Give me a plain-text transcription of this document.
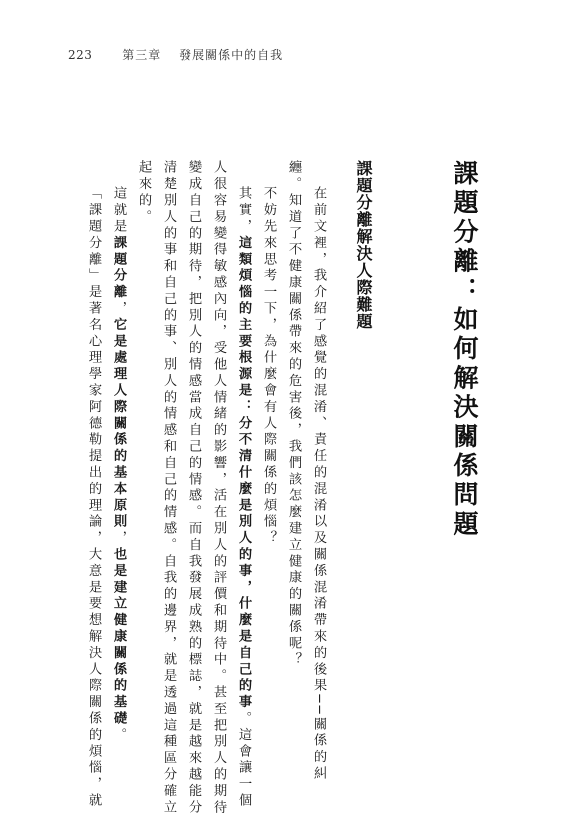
223 第三章 發展關係中的自我
課題分離：如何解決關係問題
課題分離解決人際難題
在前文裡，我介紹了感覺的混淆、責任的混淆以及關係混淆帶來的後果──關係的糾
纏。知道了不健康關係帶來的危害後，我們該怎麼建立健康的關係呢？
不妨先來思考一下，為什麼會有人際關係的煩惱？
其實，這類煩惱的主要根源是：分不清什麼是別人的事，什麼是自己的事。這會讓一個
人很容易變得敏感內向，受他人情緒的影響，活在別人的評價和期待中。甚至把別人的期待
變成自己的期待，把別人的情感當成自己的情感。而自我發展成熟的標誌，就是越來越能分
清楚別人的事和自己的事、別人的情感和自己的情感。自我的邊界，就是透過這種區分確立
起來的。
這就是課題分離，它是處理人際關係的基本原則，也是建立健康關係的基礎。
「課題分離」是著名心理學家阿德勒提出的理論，大意是要想解決人際關係的煩惱，就
